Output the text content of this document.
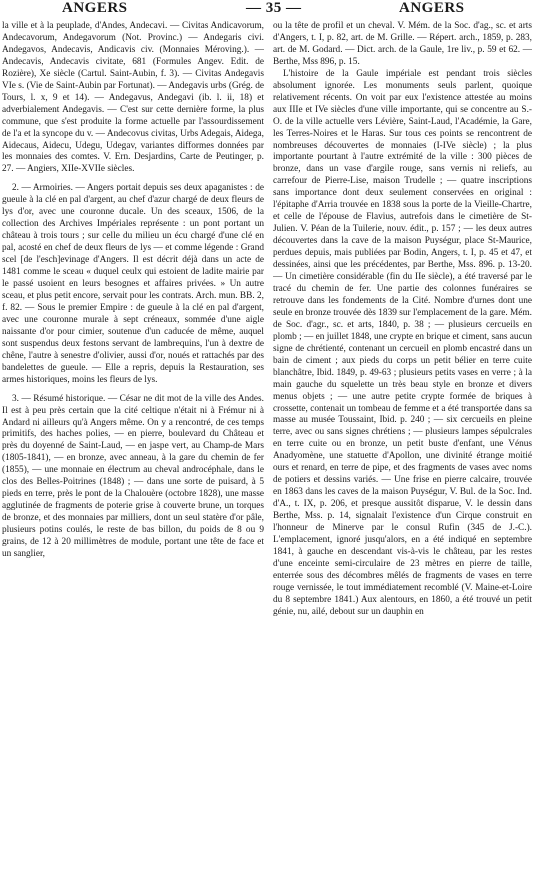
ANGERS	— 35 —	ANGERS

la ville et à la peuplade, d'Andes, Andecavi. — Civitas Andicavorum, Andecavorum, Andegavorum (Not. Provinc.) — Andegaris civi. Andegavos, Andecavis, Andicavis civ. (Monnaies Méroving.). — Andecavis, Andecavis civitate, 681 (Formules Angev. Edit. de Rozière), Xe siècle (Cartul. Saint-Aubin, f. 3). — Civitas Andegavis VIe s. (Vie de Saint-Aubin par Fortunat). — Andegavis urbs (Grég. de Tours, l. x, 9 et 14). — Andegavus, Andegavi (ib. l. ii, 18) et adverbialement Andegavis. — C'est sur cette dernière forme, la plus commune, que s'est produite la forme actuelle par l'assourdissement de l'a et la syncope du v. — Andecovus civitas, Urbs Adegais, Aidega, Aidecaus, Aidecu, Udegu, Udegav, variantes difformes données par les monnaies des comtes. V. Ern. Desjardins, Carte de Peutinger, p. 27. — Angiers, XIIe-XVIIe siècles.

2. — Armoiries. — Angers portait depuis ses deux apaganistes : de gueule à la clé en pal d'argent, au chef d'azur chargé de deux fleurs de lys d'or, avec une couronne ducale. Un des sceaux, 1506, de la collection des Archives Impériales représente : un pont portant un château à trois tours ; sur celle du milieu un écu chargé d'une clé en pal, acosté en chef de deux fleurs de lys — et comme légende : Grand scel [de l'esch]evinage d'Angers. Il est décrit déjà dans un acte de 1481 comme le sceau « duquel ceulx qui estoient de ladite mairie par le passé usoient en leurs besognes et affaires privées. » Un autre sceau, et plus petit encore, servait pour les contrats. Arch. mun. BB. 2, f. 82. — Sous le premier Empire : de gueule à la clé en pal d'argent, avec une couronne murale à sept créneaux, sommée d'une aigle naissante d'or pour cimier, soutenue d'un caducée de même, auquel sont suspendus deux festons servant de lambrequins, l'un à dextre de chêne, l'autre à senestre d'olivier, aussi d'or, noués et rattachés par des bandelettes de gueule. — Elle a repris, depuis la Restauration, ses armes historiques, moins les fleurs de lys.

3. — Résumé historique. — César ne dit mot de la ville des Andes. Il est à peu près certain que la cité celtique n'était ni à Frémur ni à Andard ni ailleurs qu'à Angers même. On y a rencontré, de ces temps primitifs, des haches polies, — en pierre, boulevard du Château et près du doyenné de Saint-Laud, — en jaspe vert, au Champ-de Mars (1805-1841), — en bronze, avec anneau, à la gare du chemin de fer (1855), — une monnaie en électrum au cheval androcéphale, dans le clos des Belles-Poitrines (1848) ; — dans une sorte de puisard, à 5 pieds en terre, près le pont de la Chalouère (octobre 1828), une masse agglutinée de fragments de poterie grise à couverte brune, un torques de bronze, et des monnaies par milliers, dont un seul statère d'or pâle, plusieurs potins coulés, le reste de bas billon, du poids de 8 ou 9 grains, de 12 à 20 millimètres de module, portant une tête de face et un sanglier,

ou la tête de profil et un cheval. V. Mém. de la Soc. d'ag., sc. et arts d'Angers, t. I, p. 82, art. de M. Grille. — Répert. arch., 1859, p. 283, art. de M. Godard. — Dict. arch. de la Gaule, 1re liv., p. 59 et 62. — Berthe, Mss 896, p. 15.

L'histoire de la Gaule impériale est pendant trois siècles absolument ignorée. Les monuments seuls parlent, quoique relativement récents. On voit par eux l'existence attestée au moins aux IIIe et IVe siècles d'une ville importante, qui se concentre au S.-O. de la ville actuelle vers Lévière, Saint-Laud, l'Académie, la Gare, les Terres-Noires et le Haras. Sur tous ces points se rencontrent de nombreuses découvertes de monnaies (I-IVe siècle) ; la plus importante pourtant à l'autre extrémité de la ville : 300 pièces de bronze, dans un vase d'argile rouge, sans vernis ni reliefs, au carrefour de Pierre-Lise, maison Trudelle ; — quatre inscriptions sans importance dont deux seulement conservées en original : l'épitaphe d'Arria trouvée en 1838 sous la porte de la Vieille-Chartre, et celle de l'épouse de Flavius, autrefois dans le cimetière de St-Julien. V. Péan de la Tuilerie, nouv. édit., p. 157 ; — les deux autres découvertes dans la cave de la maison Puységur, place St-Maurice, perdues depuis, mais publiées par Bodin, Angers, t. I, p. 45 et 47, et dessinées, ainsi que les précédentes, par Berthe, Mss. 896. p. 13-20. — Un cimetière considérable (fin du IIe siècle), a été traversé par le tracé du chemin de fer. Une partie des colonnes funéraires se retrouve dans les fondements de la Cité. Nombre d'urnes dont une seule en bronze trouvée dès 1839 sur l'emplacement de la gare. Mém. de Soc. d'agr., sc. et arts, 1840, p. 38 ; — plusieurs cercueils en plomb ; — en juillet 1848, une crypte en brique et ciment, sans aucun signe de chrétienté, contenant un cercueil en plomb encastré dans un bain de ciment ; aux pieds du corps un petit bélier en terre cuite blanchâtre, Ibid. 1849, p. 49-63 ; plusieurs petits vases en verre ; à la main gauche du squelette un très beau style en bronze et divers menus objets ; — une autre petite crypte formée de briques à crossette, contenait un tombeau de femme et a été transportée dans sa masse au musée Toussaint, Ibid. p. 240 ; — six cercueils en pleine terre, avec ou sans signes chrétiens ; — plusieurs lampes sépulcrales en terre cuite ou en bronze, un petit buste d'enfant, une Vénus Anadyomène, une statuette d'Apollon, une divinité étrange moitié ours et renard, en terre de pipe, et des fragments de vases avec noms de potiers et dessins variés. — Une frise en pierre calcaire, trouvée en 1863 dans les caves de la maison Puységur, V. Bul. de la Soc. Ind. d'A., t. IX, p. 206, et presque aussitôt disparue, V. le dessin dans Berthe, Mss. p. 14, signalait l'existence d'un Cirque construit en l'honneur de Minerve par le consul Rufin (345 de J.-C.). L'emplacement, ignoré jusqu'alors, en a été indiqué en septembre 1841, à gauche en descendant vis-à-vis le château, par les restes d'une enceinte semi-circulaire de 23 mètres en pierre de taille, enterrée sous des décombres mêlés de fragments de vases en terre rouge vernissée, le tout immédiatement recomblé (V. Maine-et-Loire du 8 septembre 1841.) Aux alentours, en 1860, a été trouvé un petit génie, nu, ailé, debout sur un dauphin en
